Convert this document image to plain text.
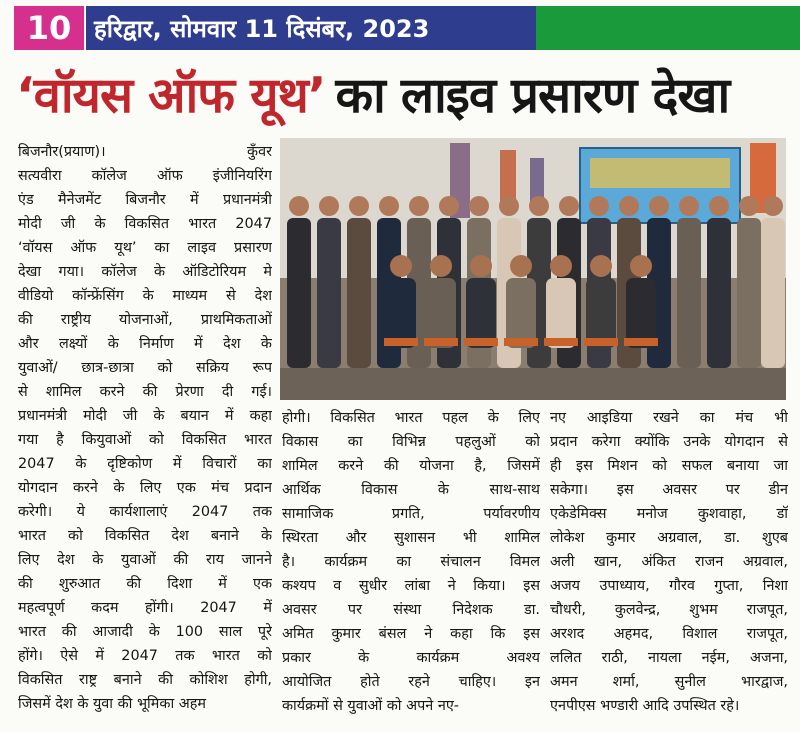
10 हरिद्वार, सोमवार 11 दिसंबर, 2023
‘वॉयस ऑफ यूथ’ का लाइव प्रसारण देखा
बिजनौर(प्रयाण)। कुँवर
सत्यवीरा कॉलेज ऑफ इंजीनियरिंग
एंड मैनेजमेंट बिजनौर में प्रधानमंत्री
मोदी जी के विकसित भारत 2047
‘वॉयस ऑफ यूथ’ का लाइव प्रसारण
देखा गया। कॉलेज के ऑडिटोरियम मे
वीडियो कॉन्फ्रेंसिंग के माध्यम से देश
की राष्ट्रीय योजनाओं, प्राथमिकताओं
और लक्ष्यों के निर्माण में देश के
युवाओं/ छात्र-छात्रा को सक्रिय रूप
से शामिल करने की प्रेरणा दी गई।
प्रधानमंत्री मोदी जी के बयान में कहा
गया है कियुवाओं को विकसित भारत
2047 के दृष्टिकोण में विचारों का
योगदान करने के लिए एक मंच प्रदान
करेगी। ये कार्यशालाएं 2047 तक
भारत को विकसित देश बनाने के
लिए देश के युवाओं की राय जानने
की शुरुआत की दिशा में एक
महत्वपूर्ण कदम होंगी। 2047 में
भारत की आजादी के 100 साल पूरे
होंगे। ऐसे में 2047 तक भारत को
विकसित राष्ट्र बनाने की कोशिश होगी,
जिसमें देश के युवा की भूमिका अहम
होगी। विकसित भारत पहल के लिए
विकास का विभिन्न पहलुओं को
शामिल करने की योजना है, जिसमें
आर्थिक विकास के साथ-साथ
सामाजिक प्रगति, पर्यावरणीय
स्थिरता और सुशासन भी शामिल
है। कार्यक्रम का संचालन विमल
कश्यप व सुधीर लांबा ने किया। इस
अवसर पर संस्था निदेशक डा.
अमित कुमार बंसल ने कहा कि इस
प्रकार के कार्यक्रम अवश्य
आयोजित होते रहने चाहिए। इन
कार्यक्रमों से युवाओं को अपने नए-
नए आइडिया रखने का मंच भी
प्रदान करेगा क्योंकि उनके योगदान से
ही इस मिशन को सफल बनाया जा
सकेगा। इस अवसर पर डीन
एकेडेमिक्स मनोज कुशवाहा, डॉ
लोकेश कुमार अग्रवाल, डा. शुएब
अली खान, अंकित राजन अग्रवाल,
अजय उपाध्याय, गौरव गुप्ता, निशा
चौधरी, कुलवेन्द्र, शुभम राजपूत,
अरशद अहमद, विशाल राजपूत,
ललित राठी, नायला नईम, अजना,
अमन शर्मा, सुनील भारद्वाज,
एनपीएस भण्डारी आदि उपस्थित रहे।
